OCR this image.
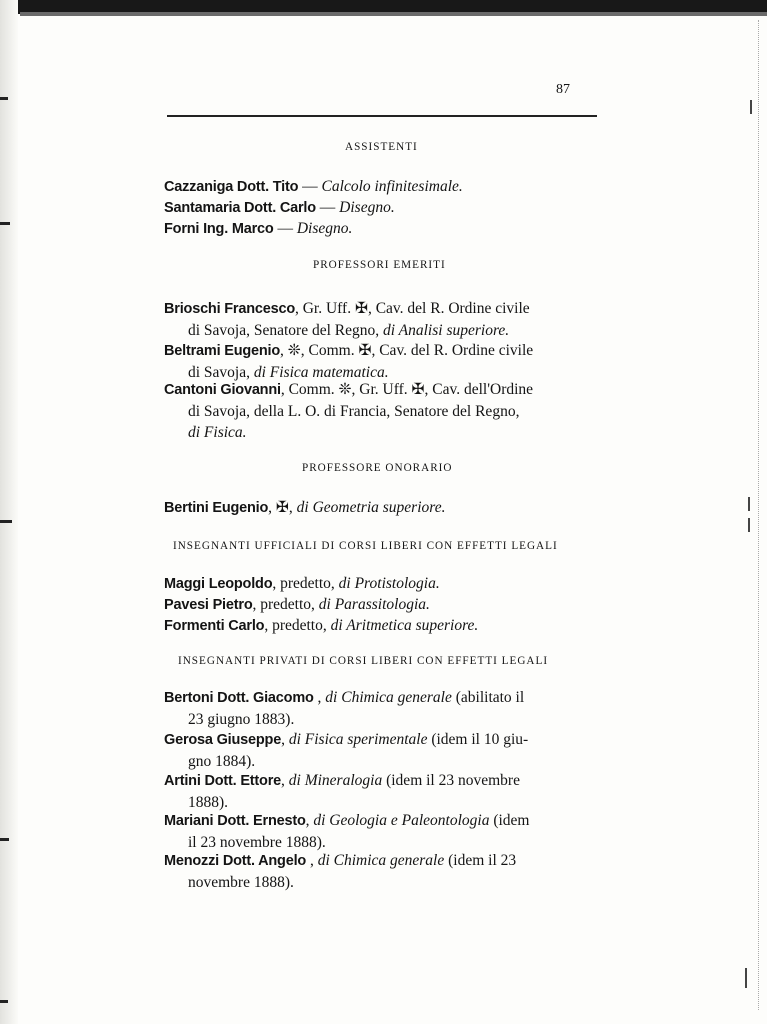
87
ASSISTENTI
Cazzaniga Dott. Tito — Calcolo infinitesimale.
Santamaria Dott. Carlo — Disegno.
Forni Ing. Marco — Disegno.
PROFESSORI EMERITI
Brioschi Francesco, Gr. Uff. ✠, Cav. del R. Ordine civile
di Savoja, Senatore del Regno, di Analisi superiore.
Beltrami Eugenio, ❊, Comm. ✠, Cav. del R. Ordine civile
di Savoja, di Fisica matematica.
Cantoni Giovanni, Comm. ❊, Gr. Uff. ✠, Cav. dell'Ordine
di Savoja, della L. O. di Francia, Senatore del Regno,
di Fisica.
PROFESSORE ONORARIO
Bertini Eugenio, ✠, di Geometria superiore.
INSEGNANTI UFFICIALI DI CORSI LIBERI CON EFFETTI LEGALI
Maggi Leopoldo, predetto, di Protistologia.
Pavesi Pietro, predetto, di Parassitologia.
Formenti Carlo, predetto, di Aritmetica superiore.
INSEGNANTI PRIVATI DI CORSI LIBERI CON EFFETTI LEGALI
Bertoni Dott. Giacomo , di Chimica generale (abilitato il
23 giugno 1883).
Gerosa Giuseppe, di Fisica sperimentale (idem il 10 giu-
gno 1884).
Artini Dott. Ettore, di Mineralogia (idem il 23 novembre
1888).
Mariani Dott. Ernesto, di Geologia e Paleontologia (idem
il 23 novembre 1888).
Menozzi Dott. Angelo , di Chimica generale (idem il 23
novembre 1888).
